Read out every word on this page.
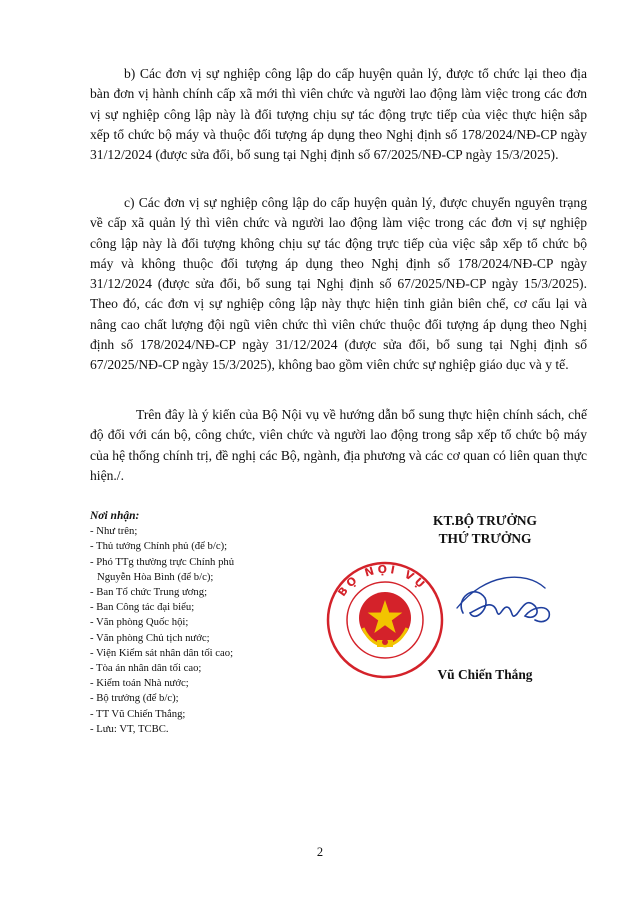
b) Các đơn vị sự nghiệp công lập do cấp huyện quản lý, được tổ chức lại theo địa bàn đơn vị hành chính cấp xã mới thì viên chức và người lao động làm việc trong các đơn vị sự nghiệp công lập này là đối tượng chịu sự tác động trực tiếp của việc thực hiện sắp xếp tổ chức bộ máy và thuộc đối tượng áp dụng theo Nghị định số 178/2024/NĐ-CP ngày 31/12/2024 (được sửa đổi, bổ sung tại Nghị định số 67/2025/NĐ-CP ngày 15/3/2025).

c) Các đơn vị sự nghiệp công lập do cấp huyện quản lý, được chuyển nguyên trạng về cấp xã quản lý thì viên chức và người lao động làm việc trong các đơn vị sự nghiệp công lập này là đối tượng không chịu sự tác động trực tiếp của việc sắp xếp tổ chức bộ máy và không thuộc đối tượng áp dụng theo Nghị định số 178/2024/NĐ-CP ngày 31/12/2024 (được sửa đổi, bổ sung tại Nghị định số 67/2025/NĐ-CP ngày 15/3/2025). Theo đó, các đơn vị sự nghiệp công lập này thực hiện tinh giản biên chế, cơ cấu lại và nâng cao chất lượng đội ngũ viên chức thì viên chức thuộc đối tượng áp dụng theo Nghị định số 178/2024/NĐ-CP ngày 31/12/2024 (được sửa đổi, bổ sung tại Nghị định số 67/2025/NĐ-CP ngày 15/3/2025), không bao gồm viên chức sự nghiệp giáo dục và y tế.

Trên đây là ý kiến của Bộ Nội vụ về hướng dẫn bổ sung thực hiện chính sách, chế độ đối với cán bộ, công chức, viên chức và người lao động trong sắp xếp tổ chức bộ máy của hệ thống chính trị, đề nghị các Bộ, ngành, địa phương và các cơ quan có liên quan thực hiện./.

Nơi nhận:
- Như trên;
- Thủ tướng Chính phủ (để b/c);
- Phó TTg thường trực Chính phủ
Nguyễn Hòa Bình (để b/c);
- Ban Tổ chức Trung ương;
- Ban Công tác đại biểu;
- Văn phòng Quốc hội;
- Văn phòng Chủ tịch nước;
- Viện Kiểm sát nhân dân tối cao;
- Tòa án nhân dân tối cao;
- Kiểm toán Nhà nước;
- Bộ trưởng (để b/c);
- TT Vũ Chiến Thắng;
- Lưu: VT, TCBC.
KT.BỘ TRƯỞNG
THỨ TRƯỞNG
BỘ NỘI VỤ
Vũ Chiến Thắng
2
